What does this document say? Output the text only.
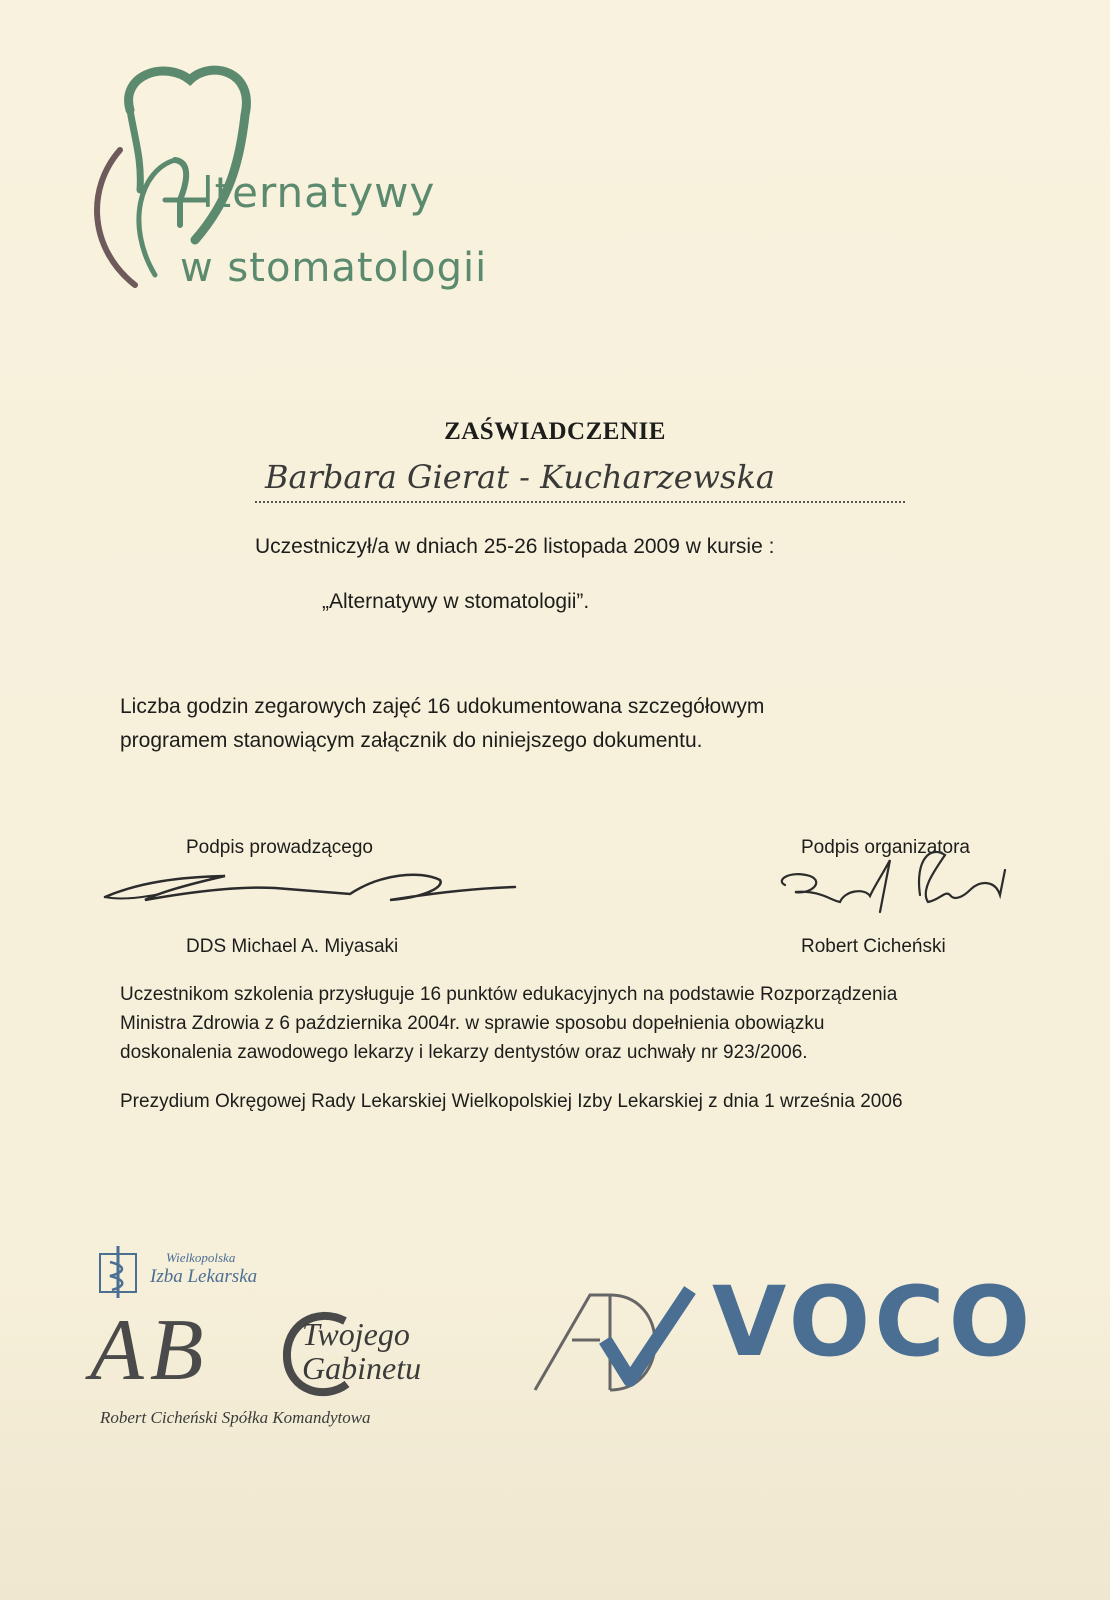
lternatywy
w stomatologii
ZAŚWIADCZENIE
Barbara Gierat - Kucharzewska
Uczestniczył/a w dniach 25-26 listopada 2009 w kursie :
„Alternatywy w stomatologii”.
Liczba godzin zegarowych zajęć 16 udokumentowana szczegółowym
programem stanowiącym załącznik do niniejszego dokumentu.
Podpis prowadzącego
DDS Michael A. Miyasaki
Podpis organizatora
Robert Cicheński
Uczestnikom szkolenia przysługuje 16 punktów edukacyjnych na podstawie Rozporządzenia
Ministra Zdrowia z 6 października 2004r. w sprawie sposobu dopełnienia obowiązku
doskonalenia zawodowego lekarzy i lekarzy dentystów oraz uchwały nr 923/2006.
Prezydium Okręgowej Rady Lekarskiej Wielkopolskiej Izby Lekarskiej z dnia 1 września 2006
Wielkopolska
Izba Lekarska
AB	Twojego
Gabinetu
Robert Cicheński Spółka Komandytowa
VOCO
